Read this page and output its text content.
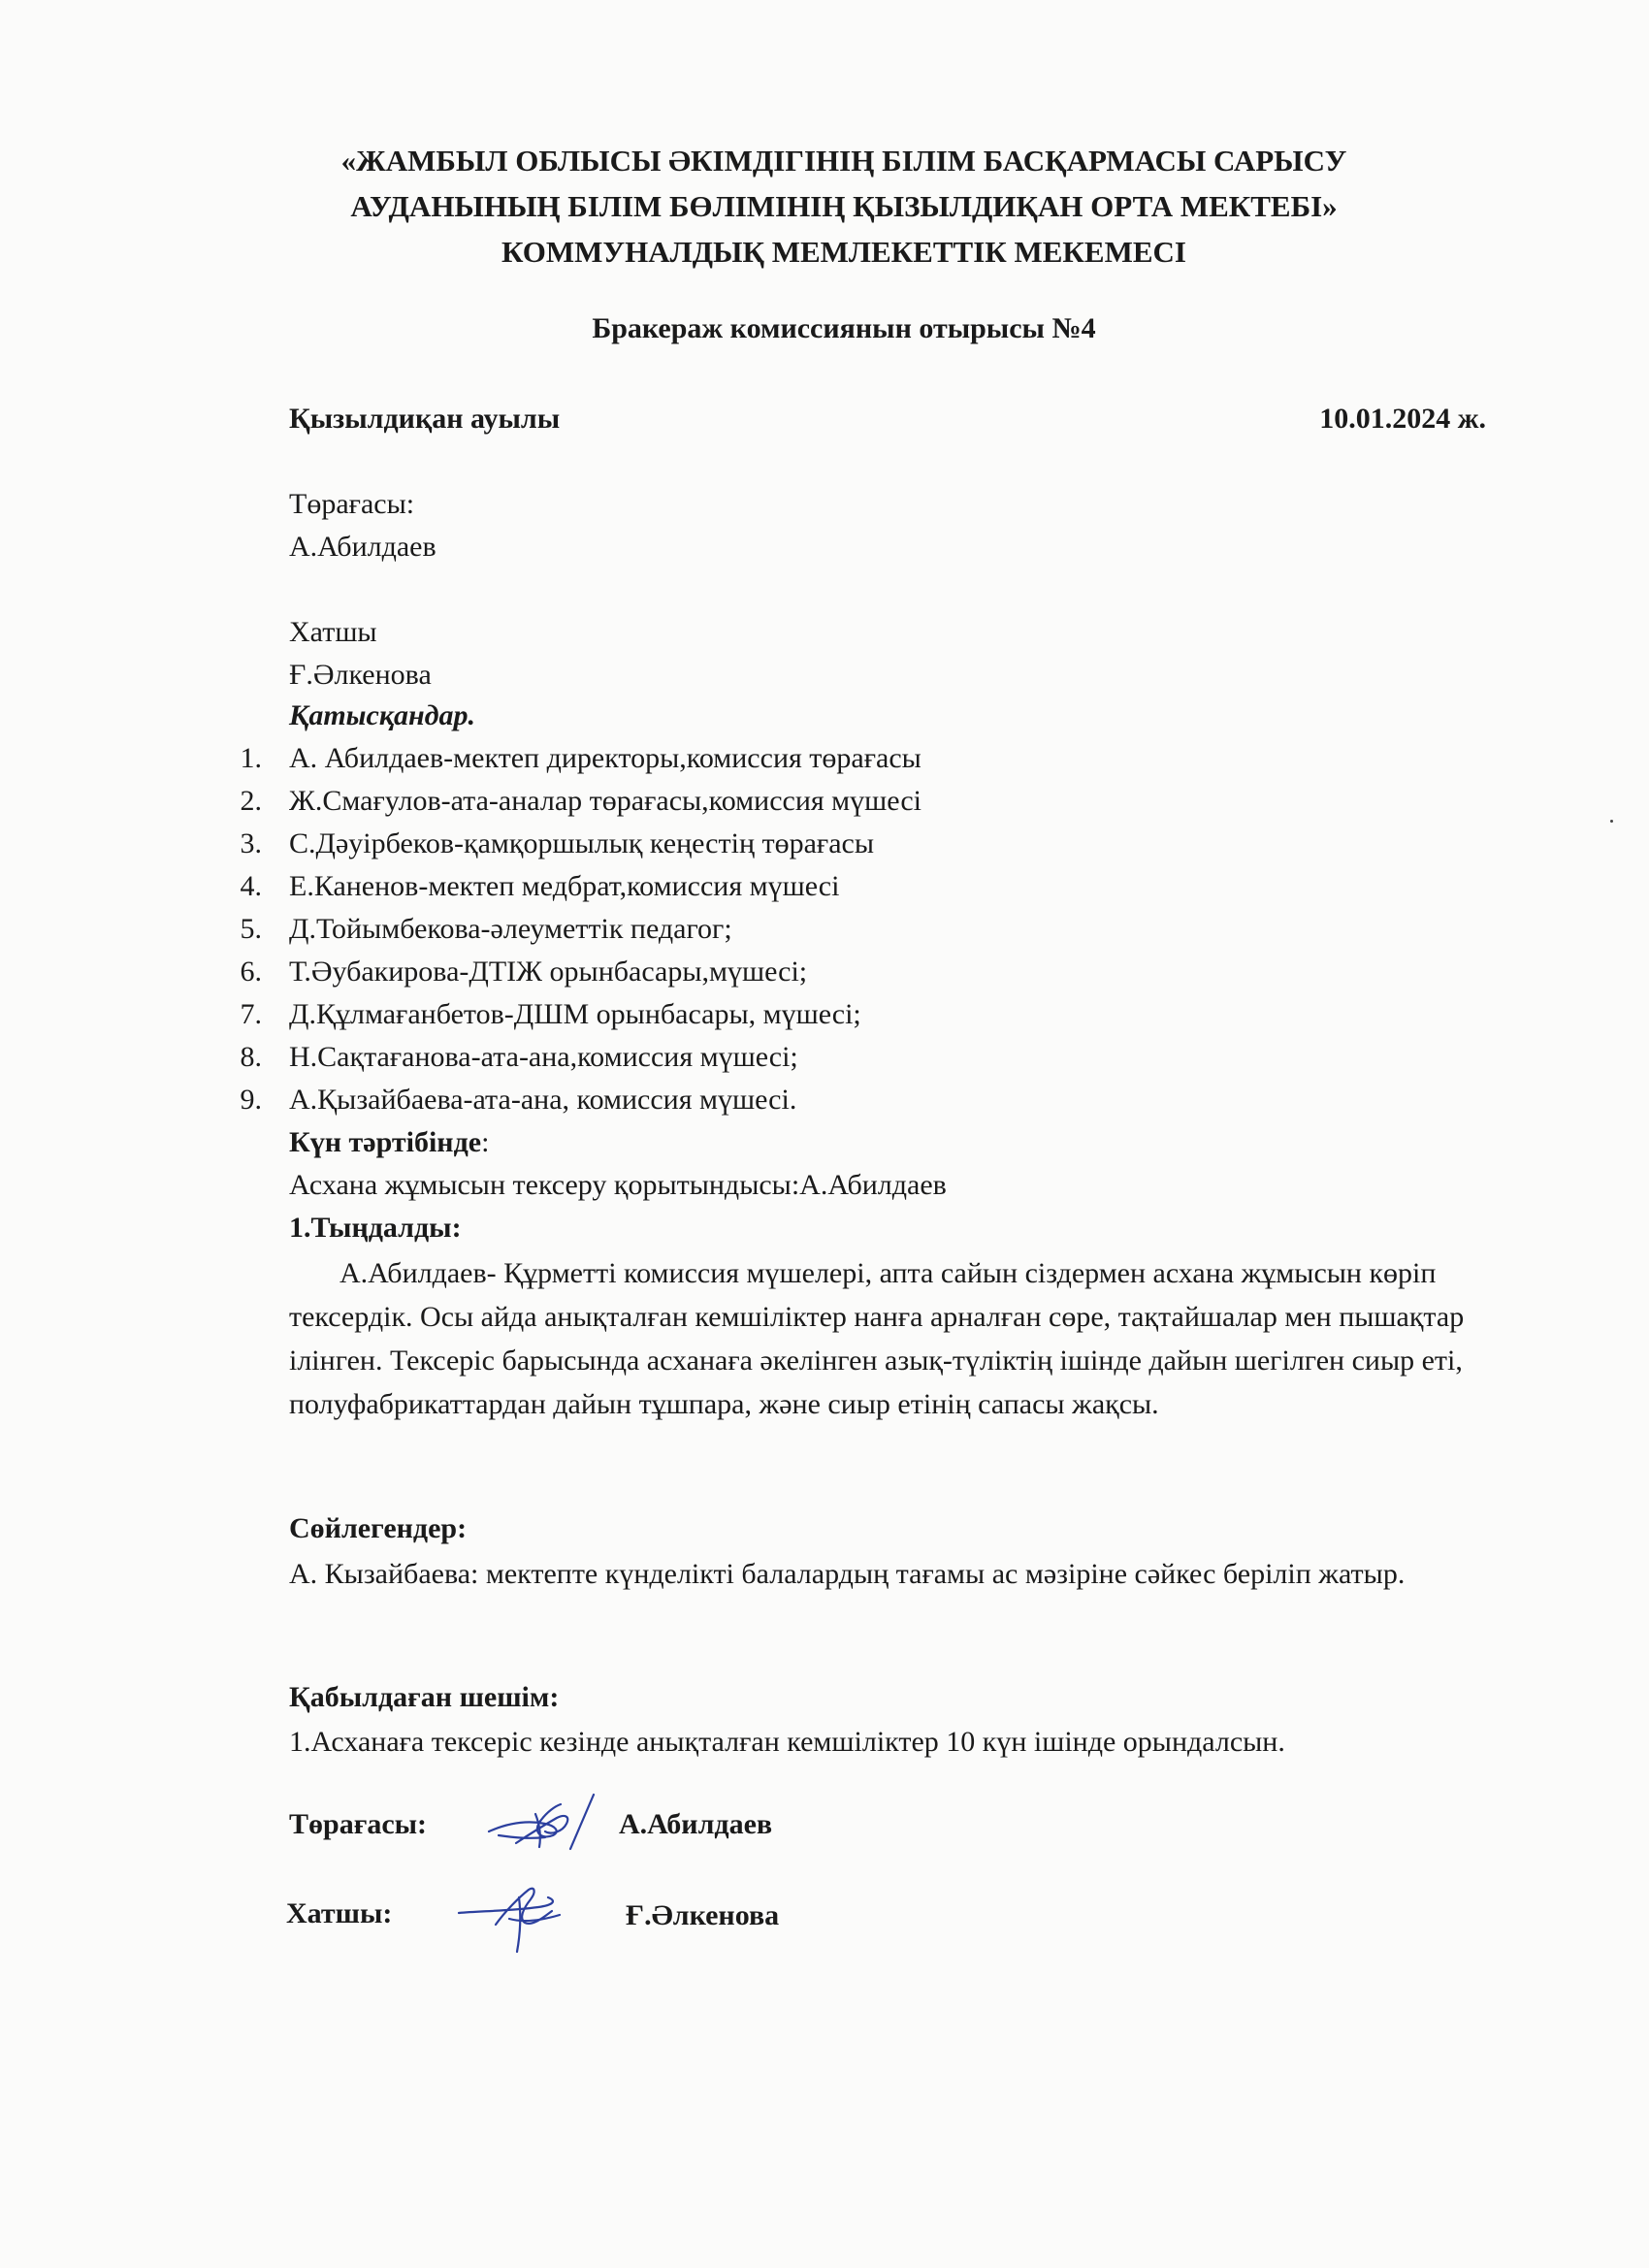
«ЖАМБЫЛ ОБЛЫСЫ ӘКІМДІГІНІҢ БІЛІМ БАСҚАРМАСЫ САРЫСУ
АУДАНЫНЫҢ БІЛІМ БӨЛІМІНІҢ ҚЫЗЫЛДИҚАН ОРТА МЕКТЕБІ»
КОММУНАЛДЫҚ МЕМЛЕКЕТТІК МЕКЕМЕСІ
Бракераж комиссиянын отырысы №4
Қызылдиқан ауылы	10.01.2024 ж.
Төрағасы:
А.Абилдаев
Хатшы
Ғ.Әлкенова
Қатысқандар.
1. А. Абилдаев-мектеп директоры,комиссия төрағасы
2. Ж.Смағулов-ата-аналар төрағасы,комиссия мүшесі
3. С.Дәуірбеков-қамқоршылық кеңестің төрағасы
4. Е.Каненов-мектеп медбрат,комиссия мүшесі
5. Д.Тойымбекова-әлеуметтік педагог;
6. Т.Әубакирова-ДТІЖ орынбасары,мүшесі;
7. Д.Құлмағанбетов-ДШМ орынбасары, мүшесі;
8. Н.Сақтағанова-ата-ана,комиссия мүшесі;
9. А.Қызайбаева-ата-ана, комиссия мүшесі.
Күн тәртібінде:
Асхана жұмысын тексеру қорытындысы:А.Абилдаев
1.Тыңдалды:
А.Абилдаев- Құрметті комиссия мүшелері, апта сайын сіздермен асхана жұмысын көріп тексердік. Осы айда анықталған кемшіліктер нанға арналған сөре, тақтайшалар мен пышақтар ілінген. Тексеріс барысында асханаға әкелінген азық-түліктің ішінде дайын шегілген сиыр еті, полуфабрикаттардан дайын тұшпара, және сиыр етінің сапасы жақсы.
Сөйлегендер:
А. Кызайбаева: мектепте күнделікті балалардың тағамы ас мәзіріне сәйкес беріліп жатыр.
Қабылдаған шешім:
1.Асханаға тексеріс кезінде анықталған кемшіліктер 10 күн ішінде орындалсын.
Төрағасы:	А.Абилдаев
Хатшы:	Ғ.Әлкенова
